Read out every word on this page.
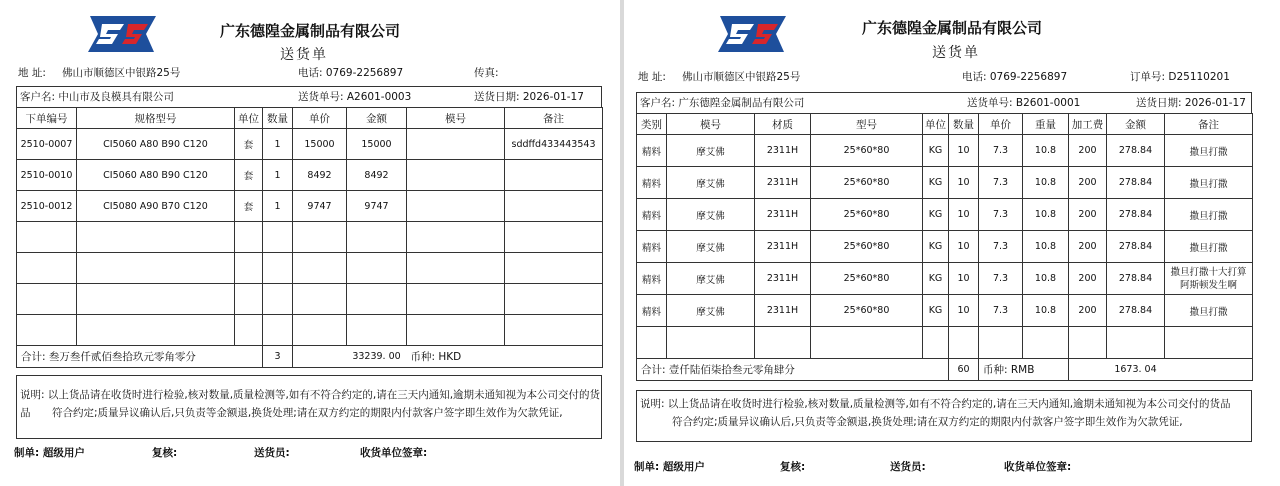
广东德隍金属制品有限公司
送货单
地 址: 佛山市顺德区中银路25号	电话: 0769-2256897	传真:
客户名: 中山市及良模具有限公司	送货单号: A2601-0003	送货日期: 2026-01-17
下单编号	规格型号	单位	数量	单价	金额	模号	备注
2510-0007	CI5060 A80 B90 C120	套	1	15000	15000		sddffd433443543
2510-0010	CI5060 A80 B90 C120	套	1	8492	8492		
2510-0012	CI5080 A90 B70 C120	套	1	9747	9747		

合计: 叁万叁仟贰佰叁拾玖元零角零分			3		33239. 00	币种: HKD	
说明: 以上货品请在收货时进行检验,核对数量,质量检测等,如有不符合约定的,请在三天内通知,逾期未通知视为本公司交付的货品	符合约定;质量异议确认后,只负责等金额退,换货处理;请在双方约定的期限内付款客户签字即生效作为欠款凭证,
制单: 超级用户	复核:	送货员:	收货单位签章:
广东德隍金属制品有限公司
送货单
地 址: 佛山市顺德区中银路25号	电话: 0769-2256897	订单号: D25110201
客户名: 广东德隍金属制品有限公司	送货单号: B2601-0001	送货日期: 2026-01-17
类别	模号	材质	型号	单位	数量	单价	重量	加工费	金额	备注
精料	摩艾佛	2311H	25*60*80	KG	10	7.3	10.8	200	278.84	撒旦打撒
精料	摩艾佛	2311H	25*60*80	KG	10	7.3	10.8	200	278.84	撒旦打撒
精料	摩艾佛	2311H	25*60*80	KG	10	7.3	10.8	200	278.84	撒旦打撒
精料	摩艾佛	2311H	25*60*80	KG	10	7.3	10.8	200	278.84	撒旦打撒
精料	摩艾佛	2311H	25*60*80	KG	10	7.3	10.8	200	278.84	撒旦打撒十大打算阿斯顿发生啊
精料	摩艾佛	2311H	25*60*80	KG	10	7.3	10.8	200	278.84	撒旦打撒

合计: 壹仟陆佰柒拾叁元零角肆分					60	币种: RMB			1673. 04	
说明: 以上货品请在收货时进行检验,核对数量,质量检测等,如有不符合约定的,请在三天内通知,逾期未通知视为本公司交付的货品
符合约定;质量异议确认后,只负责等金额退,换货处理;请在双方约定的期限内付款客户签字即生效作为欠款凭证,
制单: 超级用户	复核:	送货员:	收货单位签章:
